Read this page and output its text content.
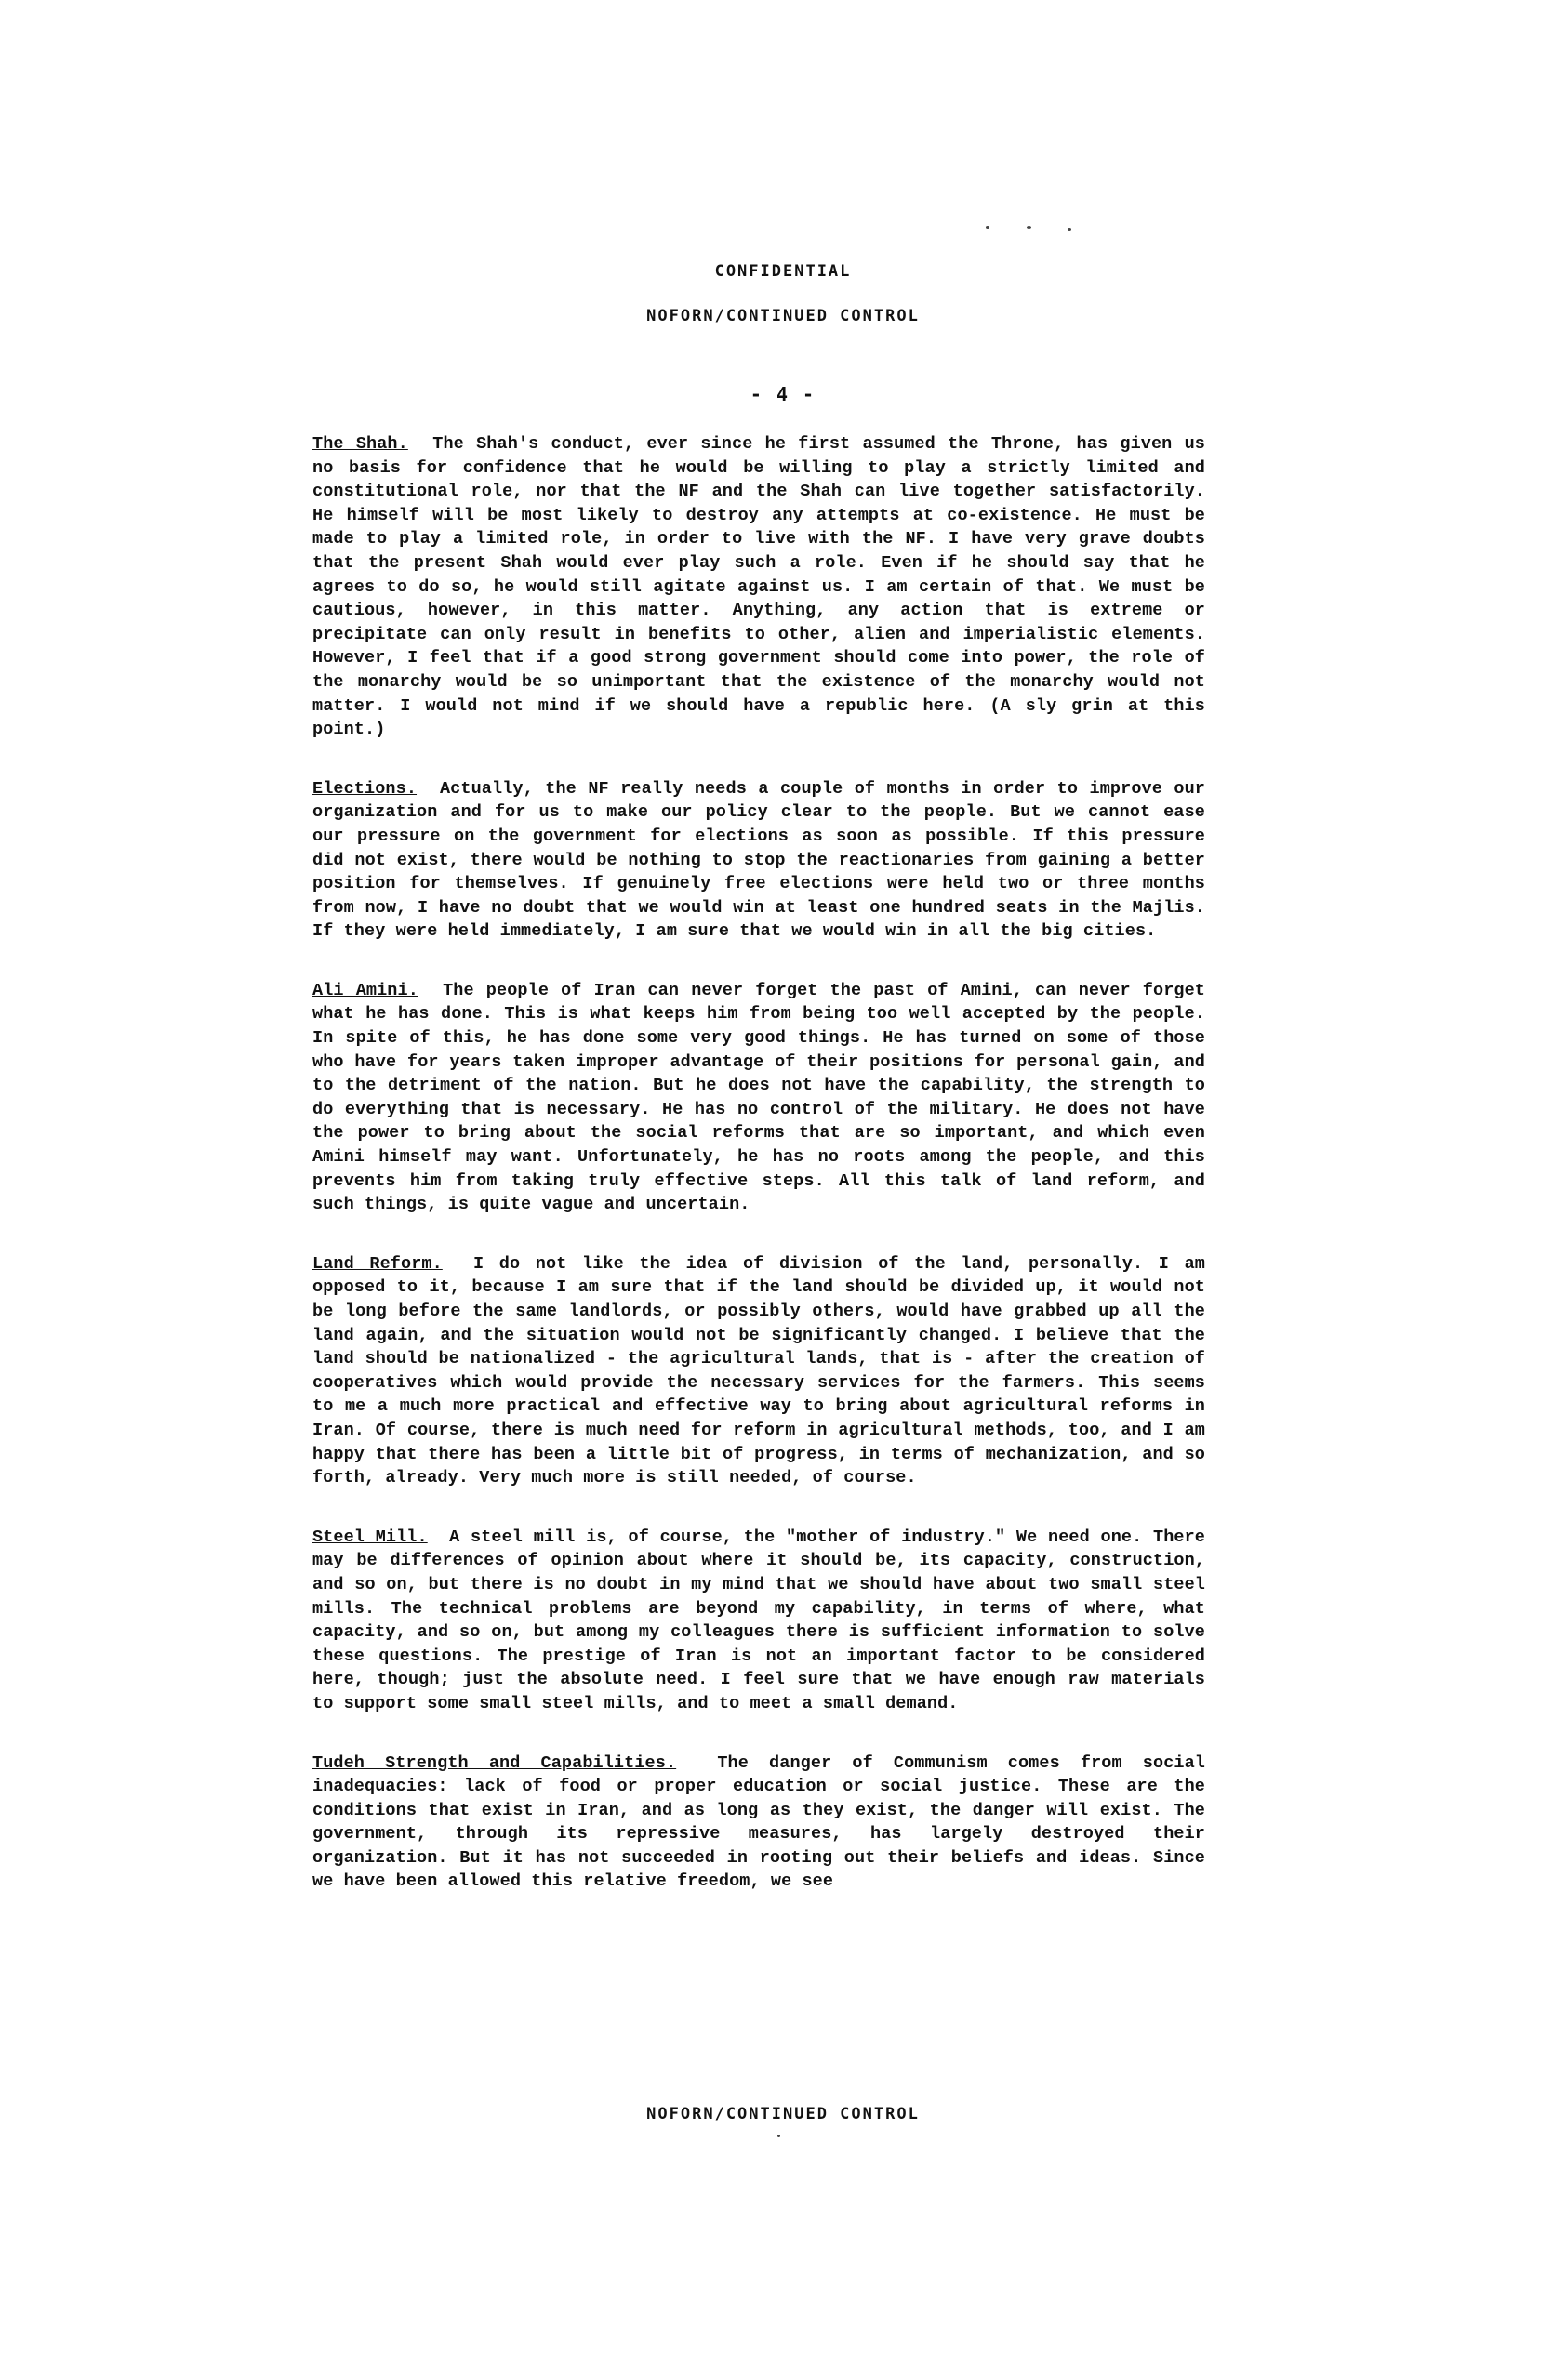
CONFIDENTIAL
NOFORN/CONTINUED CONTROL
- 4 -

The Shah. The Shah's conduct, ever since he first assumed the Throne, has given us no basis for confidence that he would be willing to play a strictly limited and constitutional role, nor that the NF and the Shah can live together satisfactorily. He himself will be most likely to destroy any attempts at co-existence. He must be made to play a limited role, in order to live with the NF. I have very grave doubts that the present Shah would ever play such a role. Even if he should say that he agrees to do so, he would still agitate against us. I am certain of that. We must be cautious, however, in this matter. Anything, any action that is extreme or precipitate can only result in benefits to other, alien and imperialistic elements. However, I feel that if a good strong government should come into power, the role of the monarchy would be so unimportant that the existence of the monarchy would not matter. I would not mind if we should have a republic here. (A sly grin at this point.)

Elections. Actually, the NF really needs a couple of months in order to improve our organization and for us to make our policy clear to the people. But we cannot ease our pressure on the government for elections as soon as possible. If this pressure did not exist, there would be nothing to stop the reactionaries from gaining a better position for themselves. If genuinely free elections were held two or three months from now, I have no doubt that we would win at least one hundred seats in the Majlis. If they were held immediately, I am sure that we would win in all the big cities.

Ali Amini. The people of Iran can never forget the past of Amini, can never forget what he has done. This is what keeps him from being too well accepted by the people. In spite of this, he has done some very good things. He has turned on some of those who have for years taken improper advantage of their positions for personal gain, and to the detriment of the nation. But he does not have the capability, the strength to do everything that is necessary. He has no control of the military. He does not have the power to bring about the social reforms that are so important, and which even Amini himself may want. Unfortunately, he has no roots among the people, and this prevents him from taking truly effective steps. All this talk of land reform, and such things, is quite vague and uncertain.

Land Reform. I do not like the idea of division of the land, personally. I am opposed to it, because I am sure that if the land should be divided up, it would not be long before the same landlords, or possibly others, would have grabbed up all the land again, and the situation would not be significantly changed. I believe that the land should be nationalized - the agricultural lands, that is - after the creation of cooperatives which would provide the necessary services for the farmers. This seems to me a much more practical and effective way to bring about agricultural reforms in Iran. Of course, there is much need for reform in agricultural methods, too, and I am happy that there has been a little bit of progress, in terms of mechanization, and so forth, already. Very much more is still needed, of course.

Steel Mill. A steel mill is, of course, the "mother of industry." We need one. There may be differences of opinion about where it should be, its capacity, construction, and so on, but there is no doubt in my mind that we should have about two small steel mills. The technical problems are beyond my capability, in terms of where, what capacity, and so on, but among my colleagues there is sufficient information to solve these questions. The prestige of Iran is not an important factor to be considered here, though; just the absolute need. I feel sure that we have enough raw materials to support some small steel mills, and to meet a small demand.

Tudeh Strength and Capabilities. The danger of Communism comes from social inadequacies: lack of food or proper education or social justice. These are the conditions that exist in Iran, and as long as they exist, the danger will exist. The government, through its repressive measures, has largely destroyed their organization. But it has not succeeded in rooting out their beliefs and ideas. Since we have been allowed this relative freedom, we see

NOFORN/CONTINUED CONTROL
